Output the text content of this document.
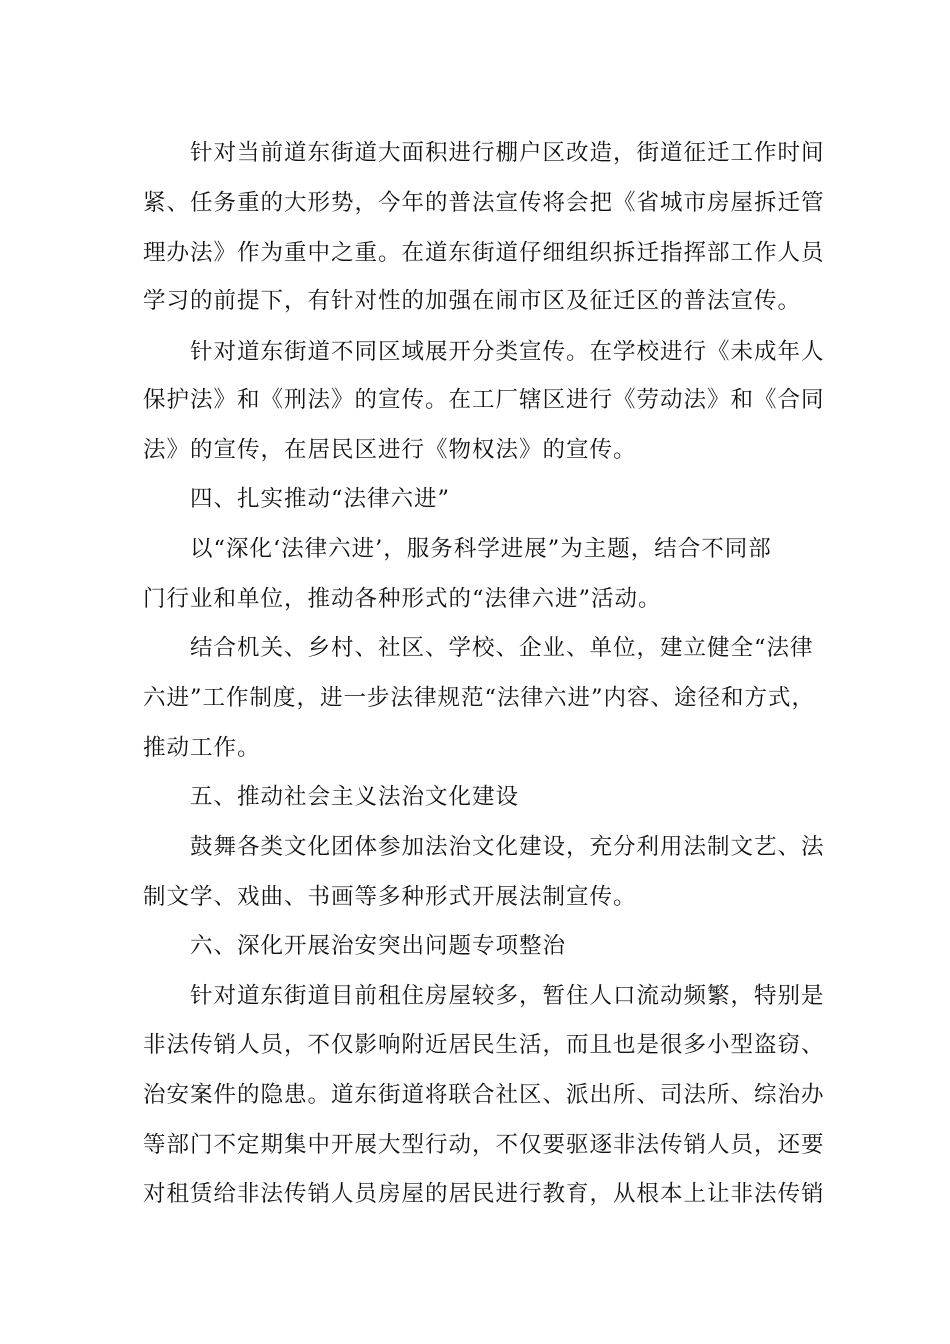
针对当前道东街道大面积进行棚户区改造，街道征迁工作时间

紧、任务重的大形势，今年的普法宣传将会把《省城市房屋拆迁管

理办法》作为重中之重。在道东街道仔细组织拆迁指挥部工作人员

学习的前提下，有针对性的加强在闹市区及征迁区的普法宣传。

针对道东街道不同区域展开分类宣传。在学校进行《未成年人

保护法》和《刑法》的宣传。在工厂辖区进行《劳动法》和《合同

法》的宣传，在居民区进行《物权法》的宣传。

四、扎实推动“法律六进”

以“深化‘法律六进’，服务科学进展”为主题，结合不同部

门行业和单位，推动各种形式的“法律六进”活动。

结合机关、乡村、社区、学校、企业、单位，建立健全“法律

六进”工作制度，进一步法律规范“法律六进”内容、途径和方式，

推动工作。

五、推动社会主义法治文化建设

鼓舞各类文化团体参加法治文化建设，充分利用法制文艺、法

制文学、戏曲、书画等多种形式开展法制宣传。

六、深化开展治安突出问题专项整治

针对道东街道目前租住房屋较多，暂住人口流动频繁，特别是

非法传销人员，不仅影响附近居民生活，而且也是很多小型盗窃、

治安案件的隐患。道东街道将联合社区、派出所、司法所、综治办

等部门不定期集中开展大型行动，不仅要驱逐非法传销人员，还要

对租赁给非法传销人员房屋的居民进行教育，从根本上让非法传销
